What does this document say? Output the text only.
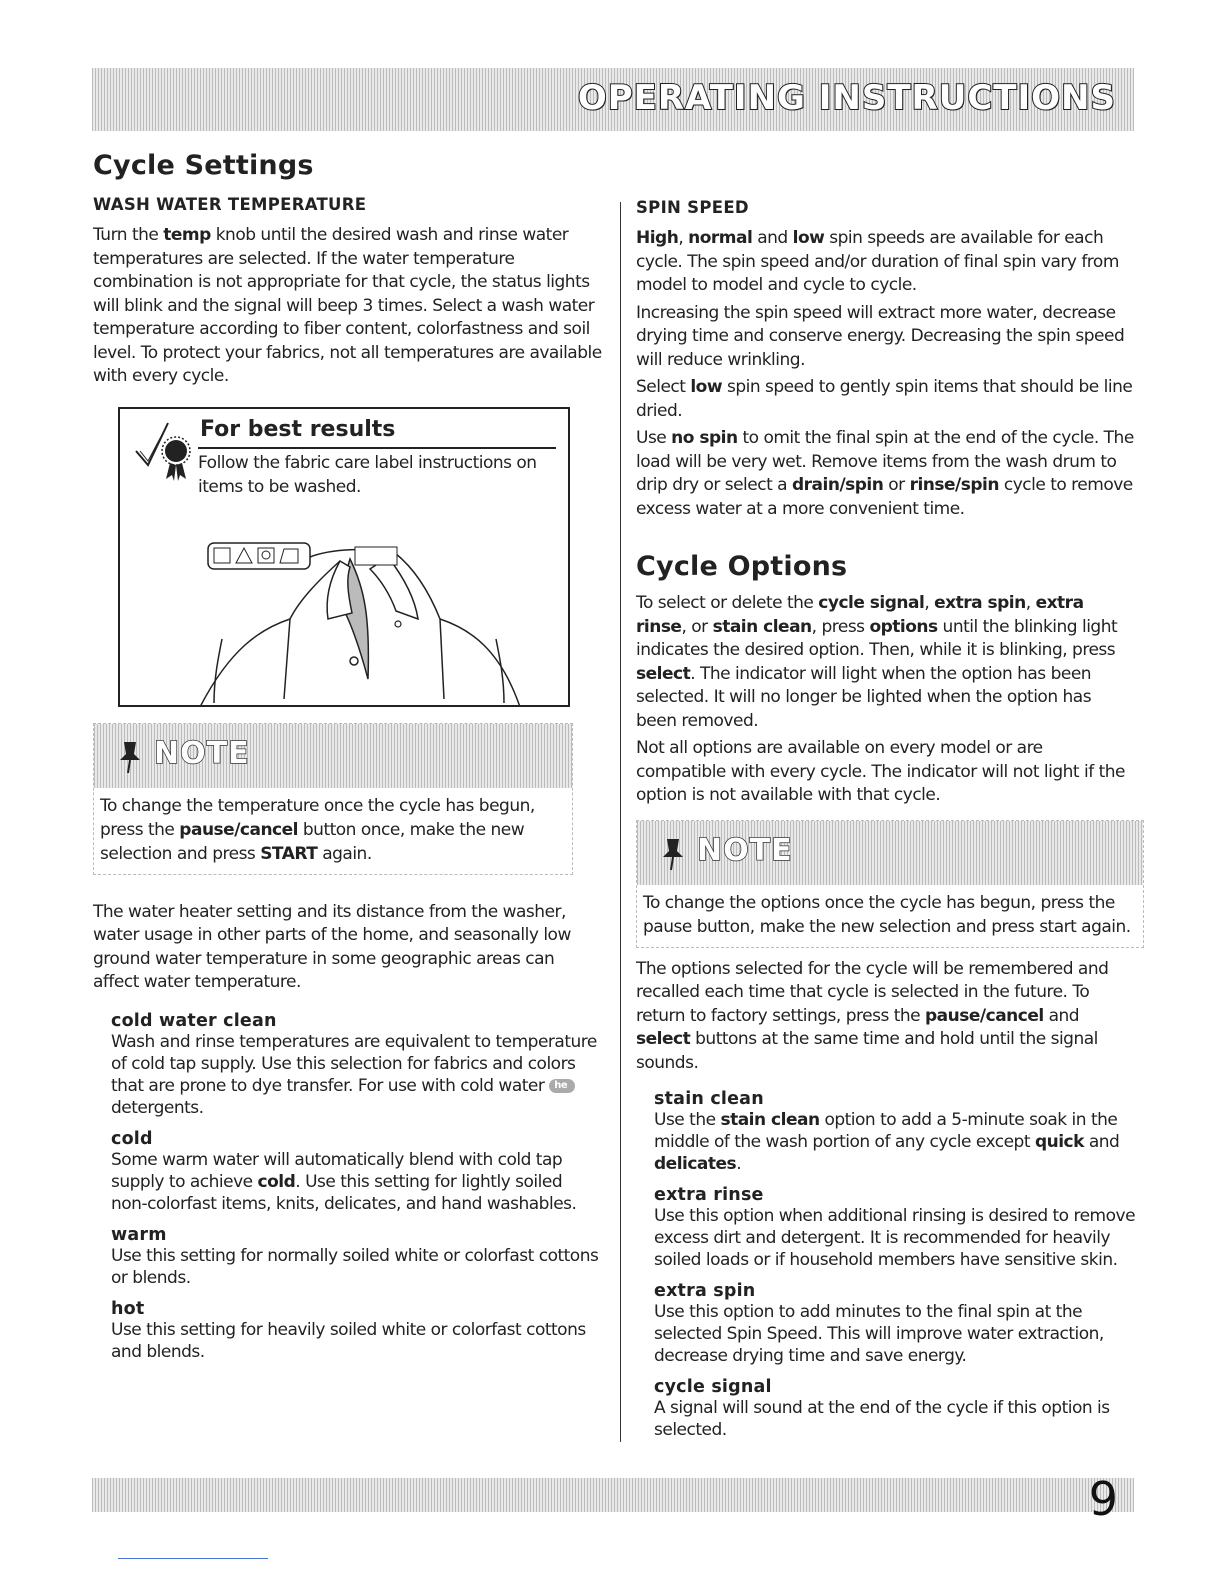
OPERATING INSTRUCTIONS
Cycle Settings
WASH WATER TEMPERATURE

Turn the temp knob until the desired wash and rinse water temperatures are selected. If the water temperature combination is not appropriate for that cycle, the status lights will blink and the signal will beep 3 times. Select a wash water temperature according to fiber content, colorfastness and soil level. To protect your fabrics, not all temperatures are available with every cycle.

For best results
Follow the fabric care label instructions on items to be washed.
NOTE
To change the temperature once the cycle has begun, press the pause/cancel button once, make the new selection and press START again.

The water heater setting and its distance from the washer, water usage in other parts of the home, and seasonally low ground water temperature in some geographic areas can affect water temperature.

cold water clean

Wash and rinse temperatures are equivalent to temperature of cold tap supply. Use this selection for fabrics and colors that are prone to dye transfer. For use with cold water he
detergents.

cold

Some warm water will automatically blend with cold tap supply to achieve cold. Use this setting for lightly soiled non-colorfast items, knits, delicates, and hand washables.

warm

Use this setting for normally soiled white or colorfast cottons or blends.

hot

Use this setting for heavily soiled white or colorfast cottons and blends.

SPIN SPEED

High, normal and low spin speeds are available for each cycle. The spin speed and/or duration of final spin vary from model to model and cycle to cycle.

Increasing the spin speed will extract more water, decrease drying time and conserve energy. Decreasing the spin speed will reduce wrinkling.

Select low spin speed to gently spin items that should be line dried.

Use no spin to omit the final spin at the end of the cycle. The load will be very wet. Remove items from the wash drum to drip dry or select a drain/spin or rinse/spin cycle to remove excess water at a more convenient time.

Cycle Options

To select or delete the cycle signal, extra spin, extra rinse, or stain clean, press options until the blinking light indicates the desired option. Then, while it is blinking, press select. The indicator will light when the option has been selected. It will no longer be lighted when the option has been removed.

Not all options are available on every model or are compatible with every cycle. The indicator will not light if the option is not available with that cycle.

NOTE
To change the options once the cycle has begun, press the pause button, make the new selection and press start again.

The options selected for the cycle will be remembered and recalled each time that cycle is selected in the future. To return to factory settings, press the pause/cancel and select buttons at the same time and hold until the signal sounds.

stain clean

Use the stain clean option to add a 5-minute soak in the middle of the wash portion of any cycle except quick and delicates.

extra rinse

Use this option when additional rinsing is desired to remove excess dirt and detergent. It is recommended for heavily soiled loads or if household members have sensitive skin.

extra spin

Use this option to add minutes to the final spin at the selected Spin Speed. This will improve water extraction, decrease drying time and save energy.

cycle signal

A signal will sound at the end of the cycle if this option is selected.

9
